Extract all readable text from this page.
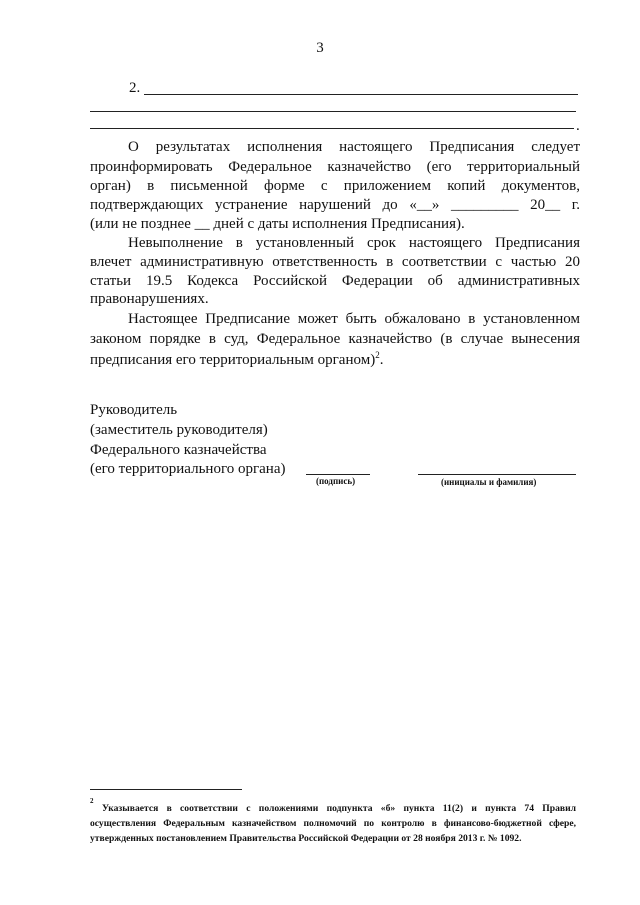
3
2.
.
О результатах исполнения настоящего Предписания следует
проинформировать Федеральное казначейство (его территориальный
орган) в письменной форме с приложением копий документов,
подтверждающих устранение нарушений до «__» _________ 20__ г.
(или не позднее __ дней с даты исполнения Предписания).
Невыполнение в установленный срок настоящего Предписания
влечет административную ответственность в соответствии с частью 20
статьи 19.5 Кодекса Российской Федерации об административных
правонарушениях.
Настоящее Предписание может быть обжаловано в установленном
законом порядке в суд, Федеральное казначейство (в случае вынесения
предписания его территориальным органом)$^2$.
Руководитель
(заместитель руководителя)
Федерального казначейства
(его территориального органа)
(подпись)	(инициалы и фамилия)
2
Указывается в соответствии с положениями подпункта «б» пункта 11(2) и пункта 74 Правил
осуществления Федеральным казначейством полномочий по контролю в финансово-бюджетной сфере,
утвержденных постановлением Правительства Российской Федерации от 28 ноября 2013 г. № 1092.
